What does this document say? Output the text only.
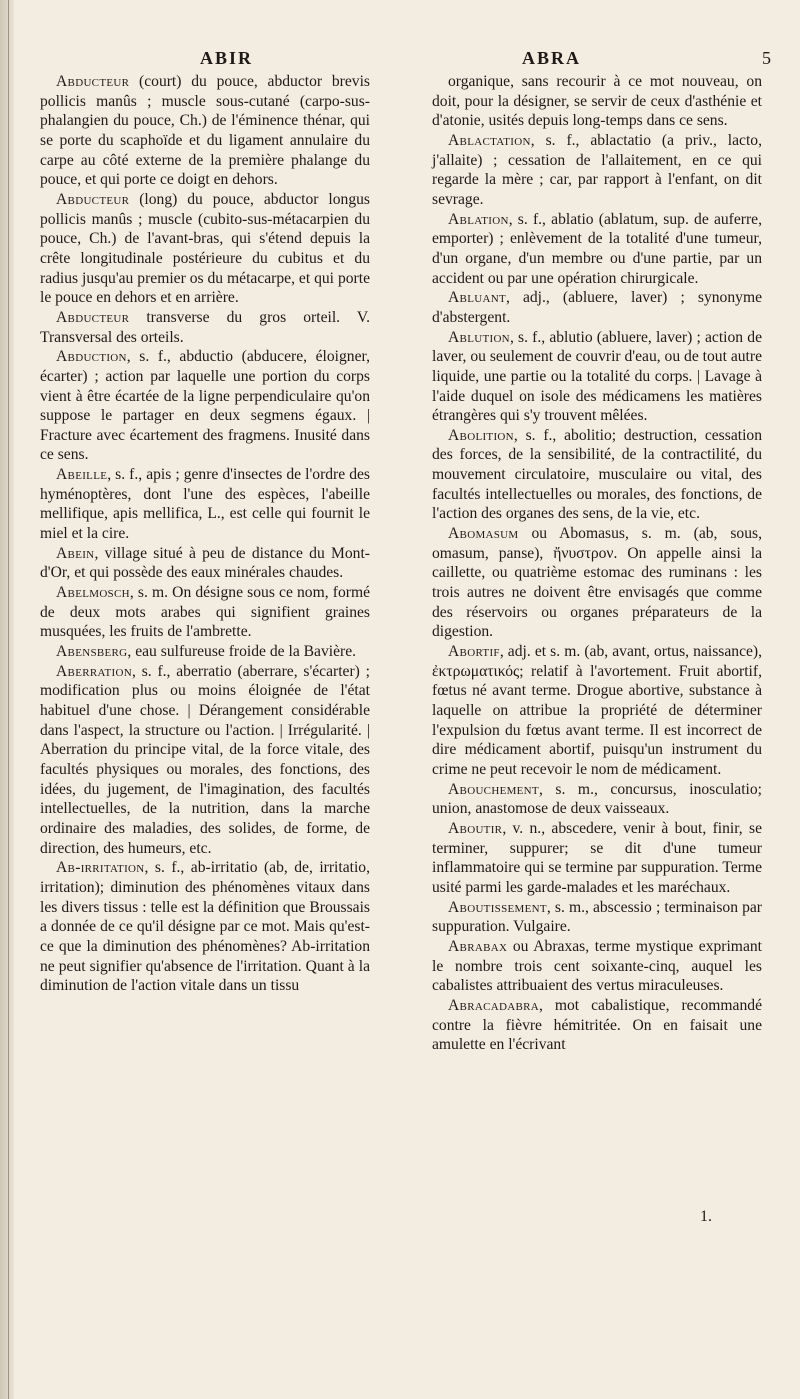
ABIR	ABRA	5

Abducteur (court) du pouce, abductor brevis pollicis manûs ; muscle sous-cutané (carpo-sus-phalangien du pouce, Ch.) de l'éminence thénar, qui se porte du scaphoïde et du ligament annulaire du carpe au côté externe de la première phalange du pouce, et qui porte ce doigt en dehors.

Abducteur (long) du pouce, abductor longus pollicis manûs ; muscle (cubito-sus-métacarpien du pouce, Ch.) de l'avant-bras, qui s'étend depuis la crête longitudinale postérieure du cubitus et du radius jusqu'au premier os du métacarpe, et qui porte le pouce en dehors et en arrière.

Abducteur transverse du gros orteil. V. Transversal des orteils.

Abduction, s. f., abductio (abducere, éloigner, écarter) ; action par laquelle une portion du corps vient à être écartée de la ligne perpendiculaire qu'on suppose le partager en deux segmens égaux. | Fracture avec écartement des fragmens. Inusité dans ce sens.

Abeille, s. f., apis ; genre d'insectes de l'ordre des hyménoptères, dont l'une des espèces, l'abeille mellifique, apis mellifica, L., est celle qui fournit le miel et la cire.

Abein, village situé à peu de distance du Mont-d'Or, et qui possède des eaux minérales chaudes.

Abelmosch, s. m. On désigne sous ce nom, formé de deux mots arabes qui signifient graines musquées, les fruits de l'ambrette.

Abensberg, eau sulfureuse froide de la Bavière.

Aberration, s. f., aberratio (aberrare, s'écarter) ; modification plus ou moins éloignée de l'état habituel d'une chose. | Dérangement considérable dans l'aspect, la structure ou l'action. | Irrégularité. | Aberration du principe vital, de la force vitale, des facultés physiques ou morales, des fonctions, des idées, du jugement, de l'imagination, des facultés intellectuelles, de la nutrition, dans la marche ordinaire des maladies, des solides, de forme, de direction, des humeurs, etc.

Ab-irritation, s. f., ab-irritatio (ab, de, irritatio, irritation); diminution des phénomènes vitaux dans les divers tissus : telle est la définition que Broussais a donnée de ce qu'il désigne par ce mot. Mais qu'est-ce que la diminution des phénomènes? Ab-irritation ne peut signifier qu'absence de l'irritation. Quant à la diminution de l'action vitale dans un tissu

organique, sans recourir à ce mot nouveau, on doit, pour la désigner, se servir de ceux d'asthénie et d'atonie, usités depuis long-temps dans ce sens.

Ablactation, s. f., ablactatio (a priv., lacto, j'allaite) ; cessation de l'allaitement, en ce qui regarde la mère ; car, par rapport à l'enfant, on dit sevrage.

Ablation, s. f., ablatio (ablatum, sup. de auferre, emporter) ; enlèvement de la totalité d'une tumeur, d'un organe, d'un membre ou d'une partie, par un accident ou par une opération chirurgicale.

Abluant, adj., (abluere, laver) ; synonyme d'abstergent.

Ablution, s. f., ablutio (abluere, laver) ; action de laver, ou seulement de couvrir d'eau, ou de tout autre liquide, une partie ou la totalité du corps. | Lavage à l'aide duquel on isole des médicamens les matières étrangères qui s'y trouvent mêlées.

Abolition, s. f., abolitio; destruction, cessation des forces, de la sensibilité, de la contractilité, du mouvement circulatoire, musculaire ou vital, des facultés intellectuelles ou morales, des fonctions, de l'action des organes des sens, de la vie, etc.

Abomasum ou Abomasus, s. m. (ab, sous, omasum, panse), ἤνυστρον. On appelle ainsi la caillette, ou quatrième estomac des ruminans : les trois autres ne doivent être envisagés que comme des réservoirs ou organes préparateurs de la digestion.

Abortif, adj. et s. m. (ab, avant, ortus, naissance), ἐκτρωματικός; relatif à l'avortement. Fruit abortif, fœtus né avant terme. Drogue abortive, substance à laquelle on attribue la propriété de déterminer l'expulsion du fœtus avant terme. Il est incorrect de dire médicament abortif, puisqu'un instrument du crime ne peut recevoir le nom de médicament.

Abouchement, s. m., concursus, inosculatio; union, anastomose de deux vaisseaux.

Aboutir, v. n., abscedere, venir à bout, finir, se terminer, suppurer; se dit d'une tumeur inflammatoire qui se termine par suppuration. Terme usité parmi les garde-malades et les maréchaux.

Aboutissement, s. m., abscessio ; terminaison par suppuration. Vulgaire.

Abrabax ou Abraxas, terme mystique exprimant le nombre trois cent soixante-cinq, auquel les cabalistes attribuaient des vertus miraculeuses.

Abracadabra, mot cabalistique, recommandé contre la fièvre hémitritée. On en faisait une amulette en l'écrivant

1.
